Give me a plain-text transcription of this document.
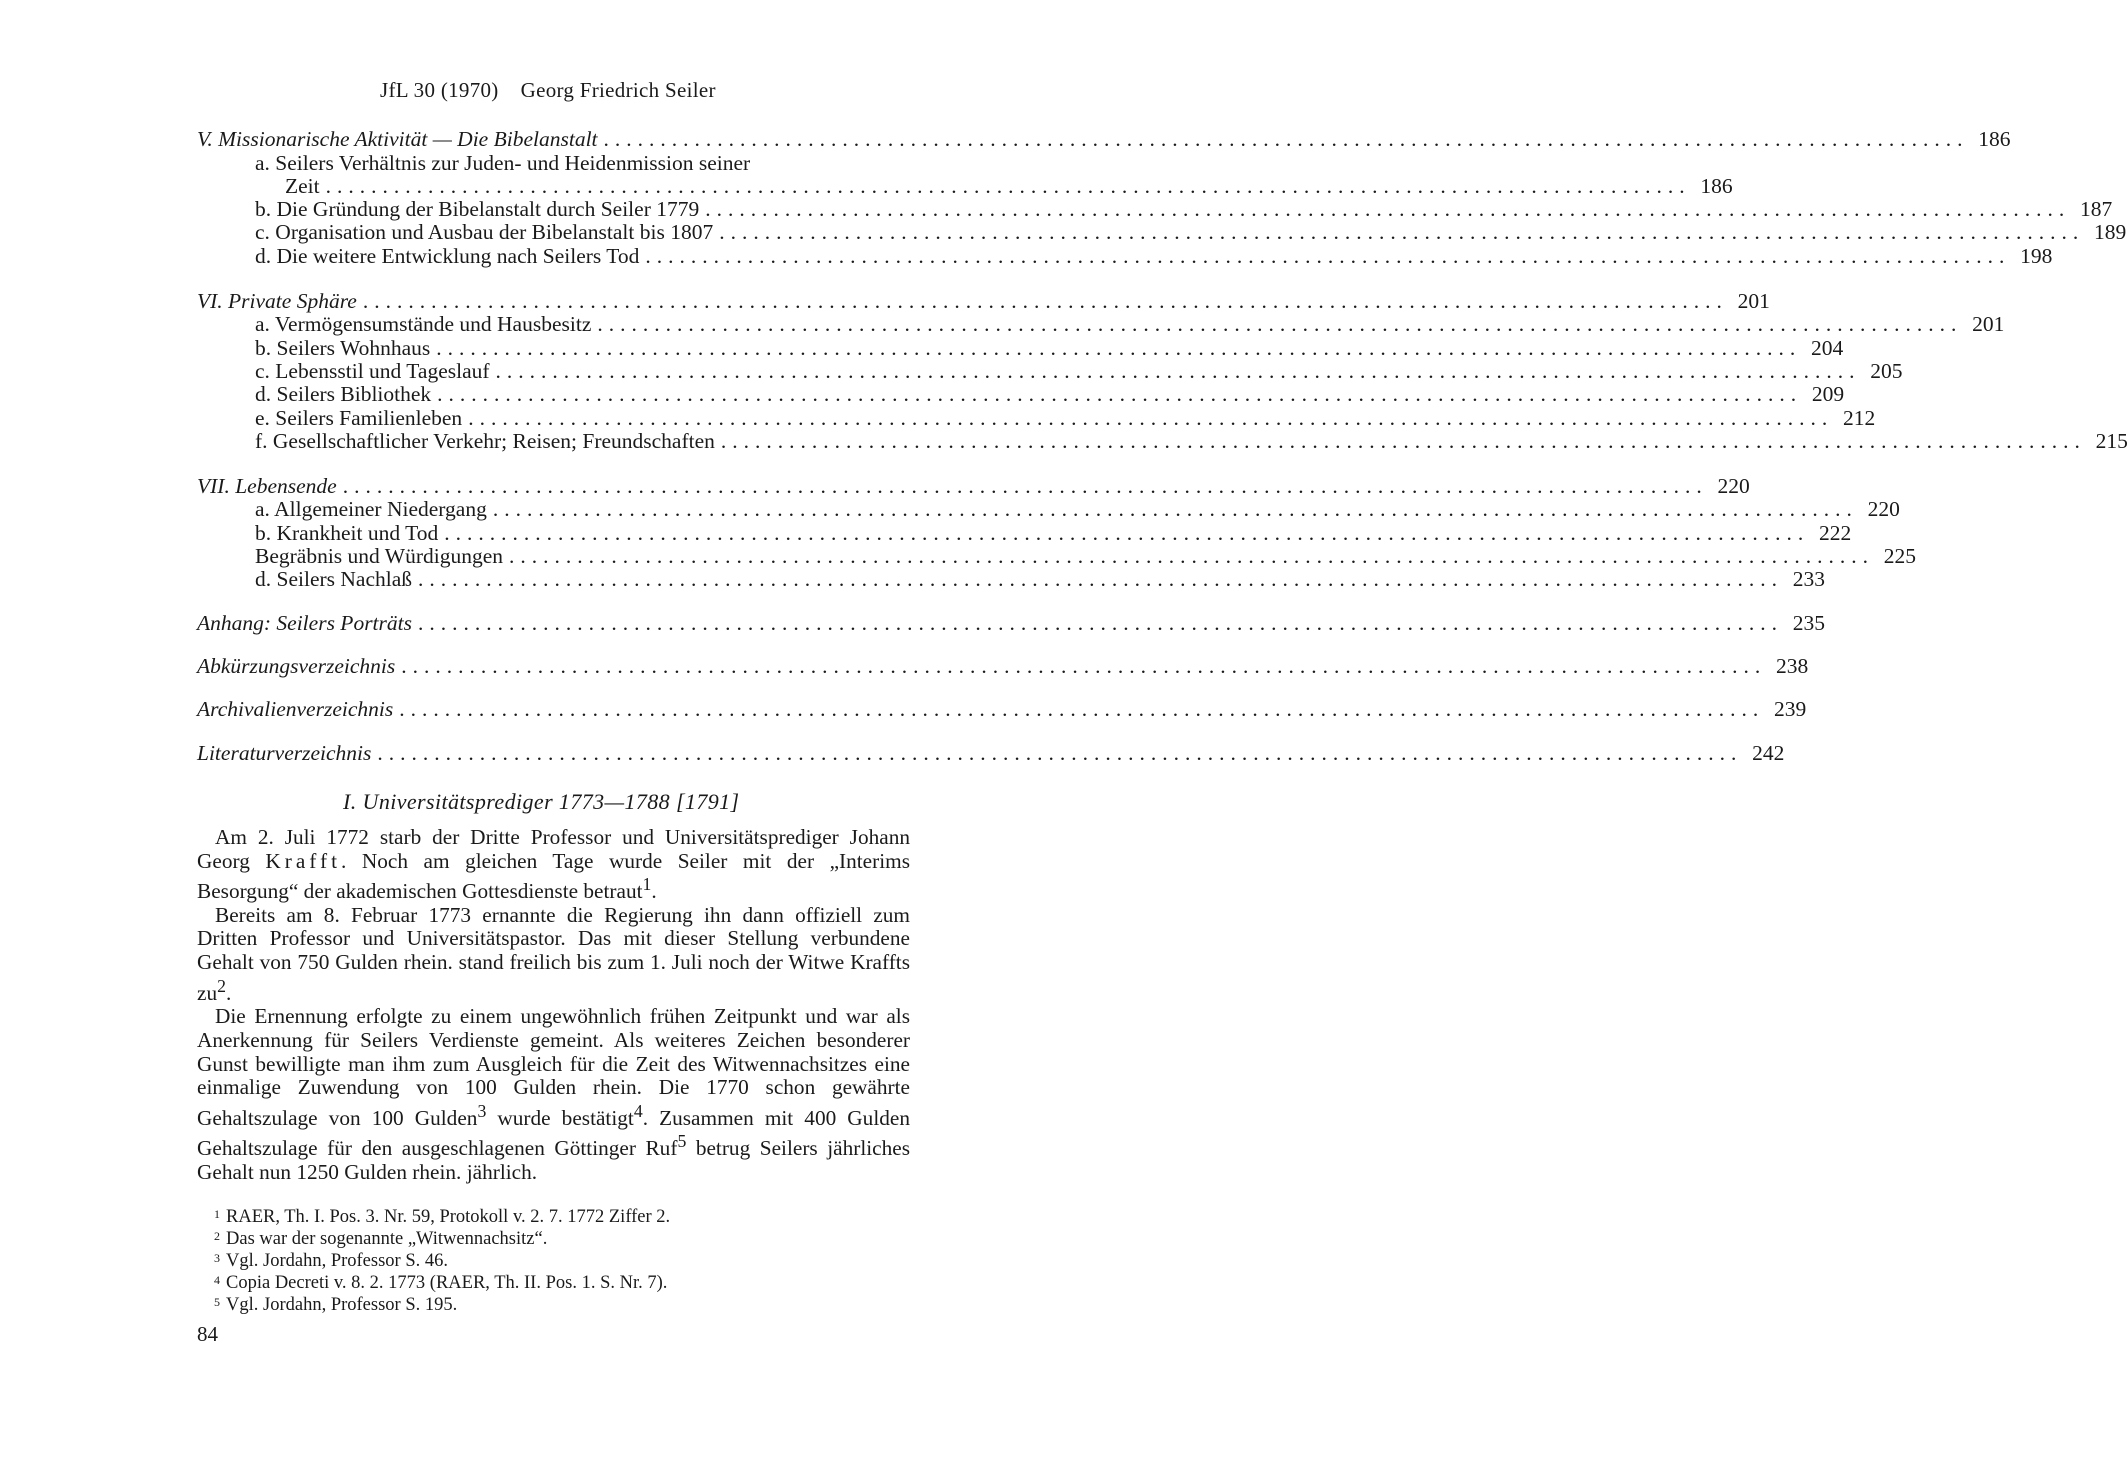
JfL 30 (1970) Georg Friedrich Seiler
V. Missionarische Aktivität — Die Bibelanstalt ........................................................................................................................ 186
a. Seilers Verhältnis zur Juden- und Heidenmission seiner
Zeit ........................................................................................................................ 186
b. Die Gründung der Bibelanstalt durch Seiler 1779 ........................................................................................................................ 187
c. Organisation und Ausbau der Bibelanstalt bis 1807 ........................................................................................................................ 189
d. Die weitere Entwicklung nach Seilers Tod ........................................................................................................................ 198
VI. Private Sphäre ........................................................................................................................ 201
a. Vermögensumstände und Hausbesitz ........................................................................................................................ 201
b. Seilers Wohnhaus ........................................................................................................................ 204
c. Lebensstil und Tageslauf ........................................................................................................................ 205
d. Seilers Bibliothek ........................................................................................................................ 209
e. Seilers Familienleben ........................................................................................................................ 212
f. Gesellschaftlicher Verkehr; Reisen; Freundschaften ........................................................................................................................ 215
VII. Lebensende ........................................................................................................................ 220
a. Allgemeiner Niedergang ........................................................................................................................ 220
b. Krankheit und Tod ........................................................................................................................ 222
Begräbnis und Würdigungen ........................................................................................................................ 225
d. Seilers Nachlaß ........................................................................................................................ 233
Anhang: Seilers Porträts ........................................................................................................................ 235
Abkürzungsverzeichnis ........................................................................................................................ 238
Archivalienverzeichnis ........................................................................................................................ 239
Literaturverzeichnis ........................................................................................................................ 242
I. Universitätsprediger 1773—1788 [1791]

Am 2. Juli 1772 starb der Dritte Professor und Universitätsprediger Johann Georg Krafft. Noch am gleichen Tage wurde Seiler mit der „Interims Besorgung“ der akademischen Gottesdienste betraut$^1$.

Bereits am 8. Februar 1773 ernannte die Regierung ihn dann offiziell zum Dritten Professor und Universitätspastor. Das mit dieser Stellung verbundene Gehalt von 750 Gulden rhein. stand freilich bis zum 1. Juli noch der Witwe Kraffts $zu^2$.

Die Ernennung erfolgte zu einem ungewöhnlich frühen Zeitpunkt und war als Anerkennung für Seilers Verdienste gemeint. Als weiteres Zeichen besonderer Gunst bewilligte man ihm zum Ausgleich für die Zeit des Witwennachsitzes eine einmalige Zuwendung von 100 Gulden rhein. Die 1770 schon gewährte Gehaltszulage von 100 Gulden$^3$ wurde bestätigt$^4$. Zusammen mit 400 Gulden Gehaltszulage für den ausgeschlagenen Göttinger Ruf$^5$ betrug Seilers jährliches Gehalt nun 1250 Gulden rhein. jährlich.

$^1$ RAER, Th. I. Pos. 3. Nr. 59, Protokoll v. 2. 7. 1772 Ziffer 2.
$^2$ Das war der sogenannte „Witwennachsitz“.
$^3$ Vgl. Jordahn, Professor S. 46.
$^4$ Copia Decreti v. 8. 2. 1773 (RAER, Th. II. Pos. 1. S. Nr. 7).
$^5$ Vgl. Jordahn, Professor S. 195.
84
